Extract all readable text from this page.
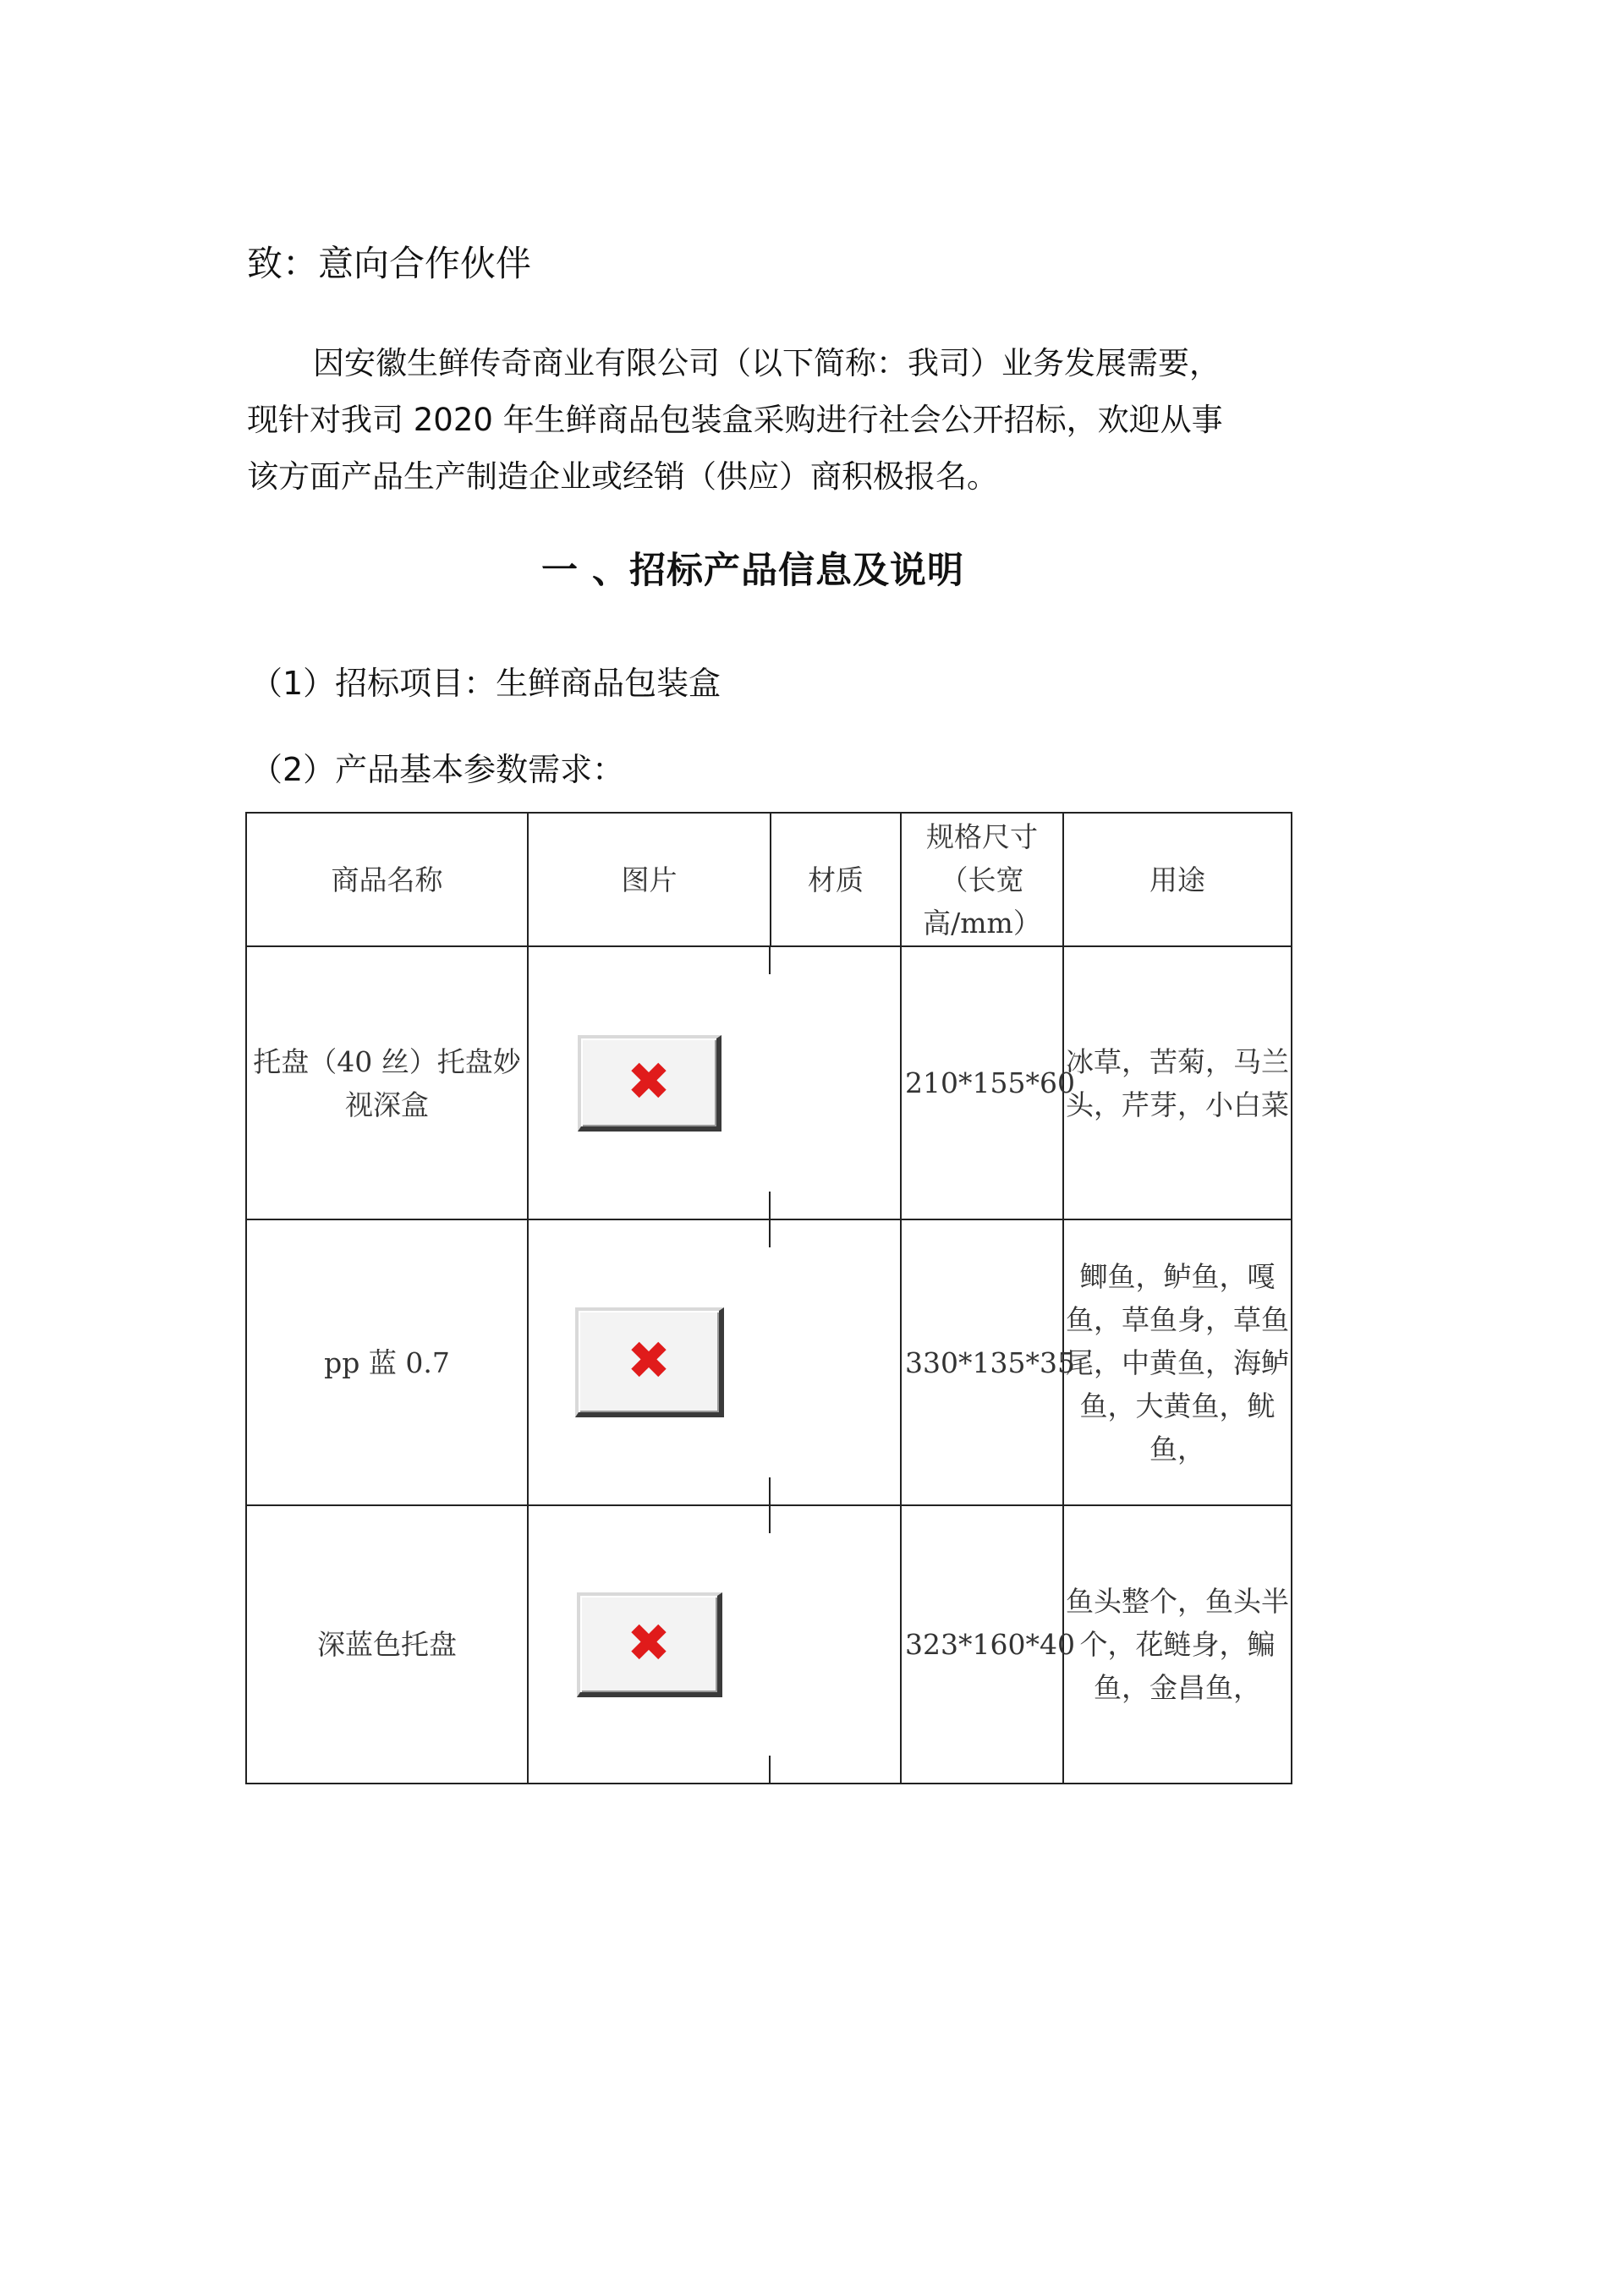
致：意向合作伙伴
因安徽生鲜传奇商业有限公司（以下简称：我司）业务发展需要，
现针对我司 2020 年生鲜商品包装盒采购进行社会公开招标，欢迎从事
该方面产品生产制造企业或经销（供应）商积极报名。
一 、招标产品信息及说明
（1）招标项目：生鲜商品包装盒
（2）产品基本参数需求：
商品名称	图片	材质	规格尺寸（长宽高/mm）	用途
托盘（40 丝）托盘妙视深盒	✖		210*155*60	冰草，苦菊，马兰头，芹芽，小白菜
pp 蓝 0.7	✖		330*135*35	鲫鱼，鲈鱼，嘎鱼，草鱼身，草鱼尾，中黄鱼，海鲈鱼，大黄鱼，鱿鱼，
深蓝色托盘	✖		323*160*40	鱼头整个，鱼头半个，花鲢身，鳊鱼，金昌鱼，
